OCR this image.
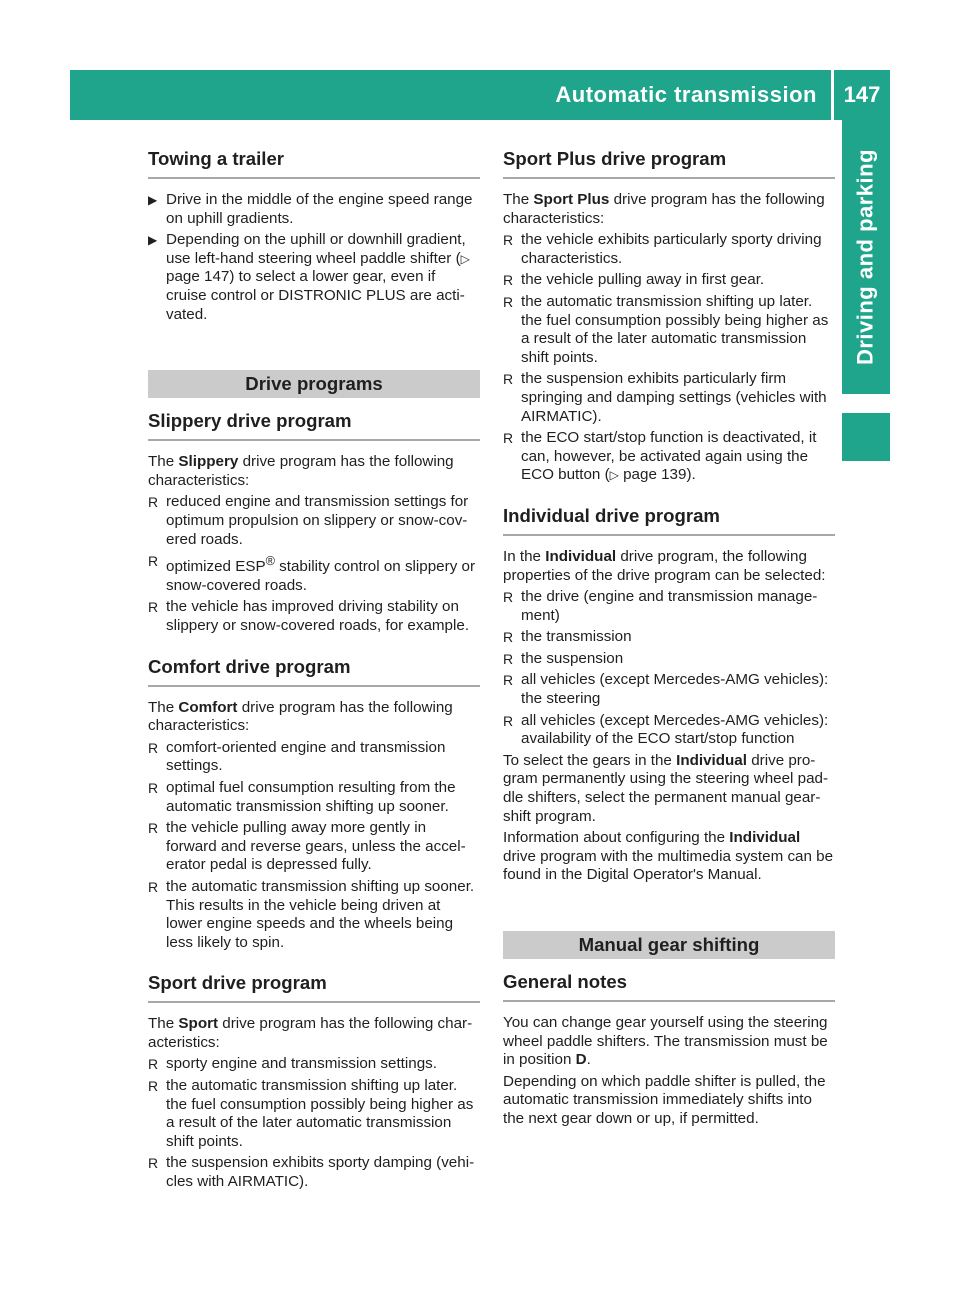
Automatic transmission	147
Driving and parking
Towing a trailer
▶ Drive in the middle of the engine speed range on uphill gradients.
▶ Depending on the uphill or downhill gradient, use left-hand steering wheel paddle shifter (▷ page 147) to select a lower gear, even if cruise control or DISTRONIC PLUS are acti- vated.
Drive programs
Slippery drive program

The Slippery drive program has the following characteristics:

R reduced engine and transmission settings for optimum propulsion on slippery or snow-cov- ered roads.
R optimized ESP® stability control on slippery or snow-covered roads.
R the vehicle has improved driving stability on slippery or snow-covered roads, for example.
Comfort drive program

The Comfort drive program has the following characteristics:

R comfort-oriented engine and transmission settings.
R optimal fuel consumption resulting from the automatic transmission shifting up sooner.
R the vehicle pulling away more gently in forward and reverse gears, unless the accel- erator pedal is depressed fully.
R the automatic transmission shifting up sooner. This results in the vehicle being driven at lower engine speeds and the wheels being less likely to spin.
Sport drive program

The Sport drive program has the following char- acteristics:

R sporty engine and transmission settings.
R the automatic transmission shifting up later. the fuel consumption possibly being higher as a result of the later automatic transmission shift points.
R the suspension exhibits sporty damping (vehi- cles with AIRMATIC).
Sport Plus drive program

The Sport Plus drive program has the following characteristics:

R the vehicle exhibits particularly sporty driving characteristics.
R the vehicle pulling away in first gear.
R the automatic transmission shifting up later. the fuel consumption possibly being higher as a result of the later automatic transmission shift points.
R the suspension exhibits particularly firm springing and damping settings (vehicles with AIRMATIC).
R the ECO start/stop function is deactivated, it can, however, be activated again using the ECO button (▷ page 139).
Individual drive program

In the Individual drive program, the following properties of the drive program can be selected:

R the drive (engine and transmission manage- ment)
R the transmission
R the suspension
R all vehicles (except Mercedes-AMG vehicles): the steering
R all vehicles (except Mercedes-AMG vehicles): availability of the ECO start/stop function

To select the gears in the Individual drive pro- gram permanently using the steering wheel pad- dle shifters, select the permanent manual gear- shift program.

Information about configuring the Individual drive program with the multimedia system can be found in the Digital Operator's Manual.

Manual gear shifting
General notes

You can change gear yourself using the steering wheel paddle shifters. The transmission must be in position D.

Depending on which paddle shifter is pulled, the automatic transmission immediately shifts into the next gear down or up, if permitted.
